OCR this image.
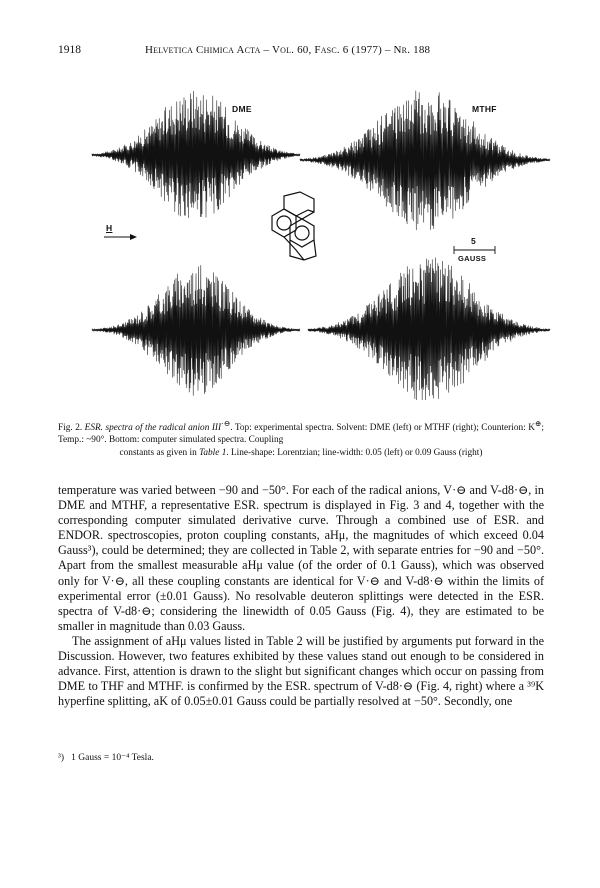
1918	Helvetica Chimica Acta – Vol. 60, Fasc. 6 (1977) – Nr. 188
DME	MTHF
H
5
GAUSS
Fig. 2. ESR. spectra of the radical anion III·⊖. Top: experimental spectra. Solvent: DME (left) or MTHF (right); Counterion: K⊕; Temp.: ~90°. Bottom: computer simulated spectra. Coupling
constants as given in Table 1. Line-shape: Lorentzian; line-width: 0.05 (left) or 0.09 Gauss (right)

temperature was varied between −90 and −50°. For each of the radical anions, V·⊖ and V-d8·⊖, in DME and MTHF, a representative ESR. spectrum is displayed in Fig. 3 and 4, together with the corresponding computer simulated derivative curve. Through a combined use of ESR. and ENDOR. spectroscopies, proton coupling constants, aHμ, the magnitudes of which exceed 0.04 Gauss³), could be determined; they are collected in Table 2, with separate entries for −90 and −50°. Apart from the smallest measurable aHμ value (of the order of 0.1 Gauss), which was observed only for V·⊖, all these coupling constants are identical for V·⊖ and V-d8·⊖ within the limits of experimental error (±0.01 Gauss). No resolvable deuteron splittings were detected in the ESR. spectra of V-d8·⊖; considering the linewidth of 0.05 Gauss (Fig. 4), they are estimated to be smaller in magnitude than 0.03 Gauss.

The assignment of aHμ values listed in Table 2 will be justified by arguments put forward in the Discussion. However, two features exhibited by these values stand out enough to be considered in advance. First, attention is drawn to the slight but significant changes which occur on passing from DME to THF and MTHF. is confirmed by the ESR. spectrum of V-d8·⊖ (Fig. 4, right) where a ³⁹K hyperfine splitting, aK of 0.05±0.01 Gauss could be partially resolved at −50°. Secondly, one

³) 1 Gauss = 10⁻⁴ Tesla.
